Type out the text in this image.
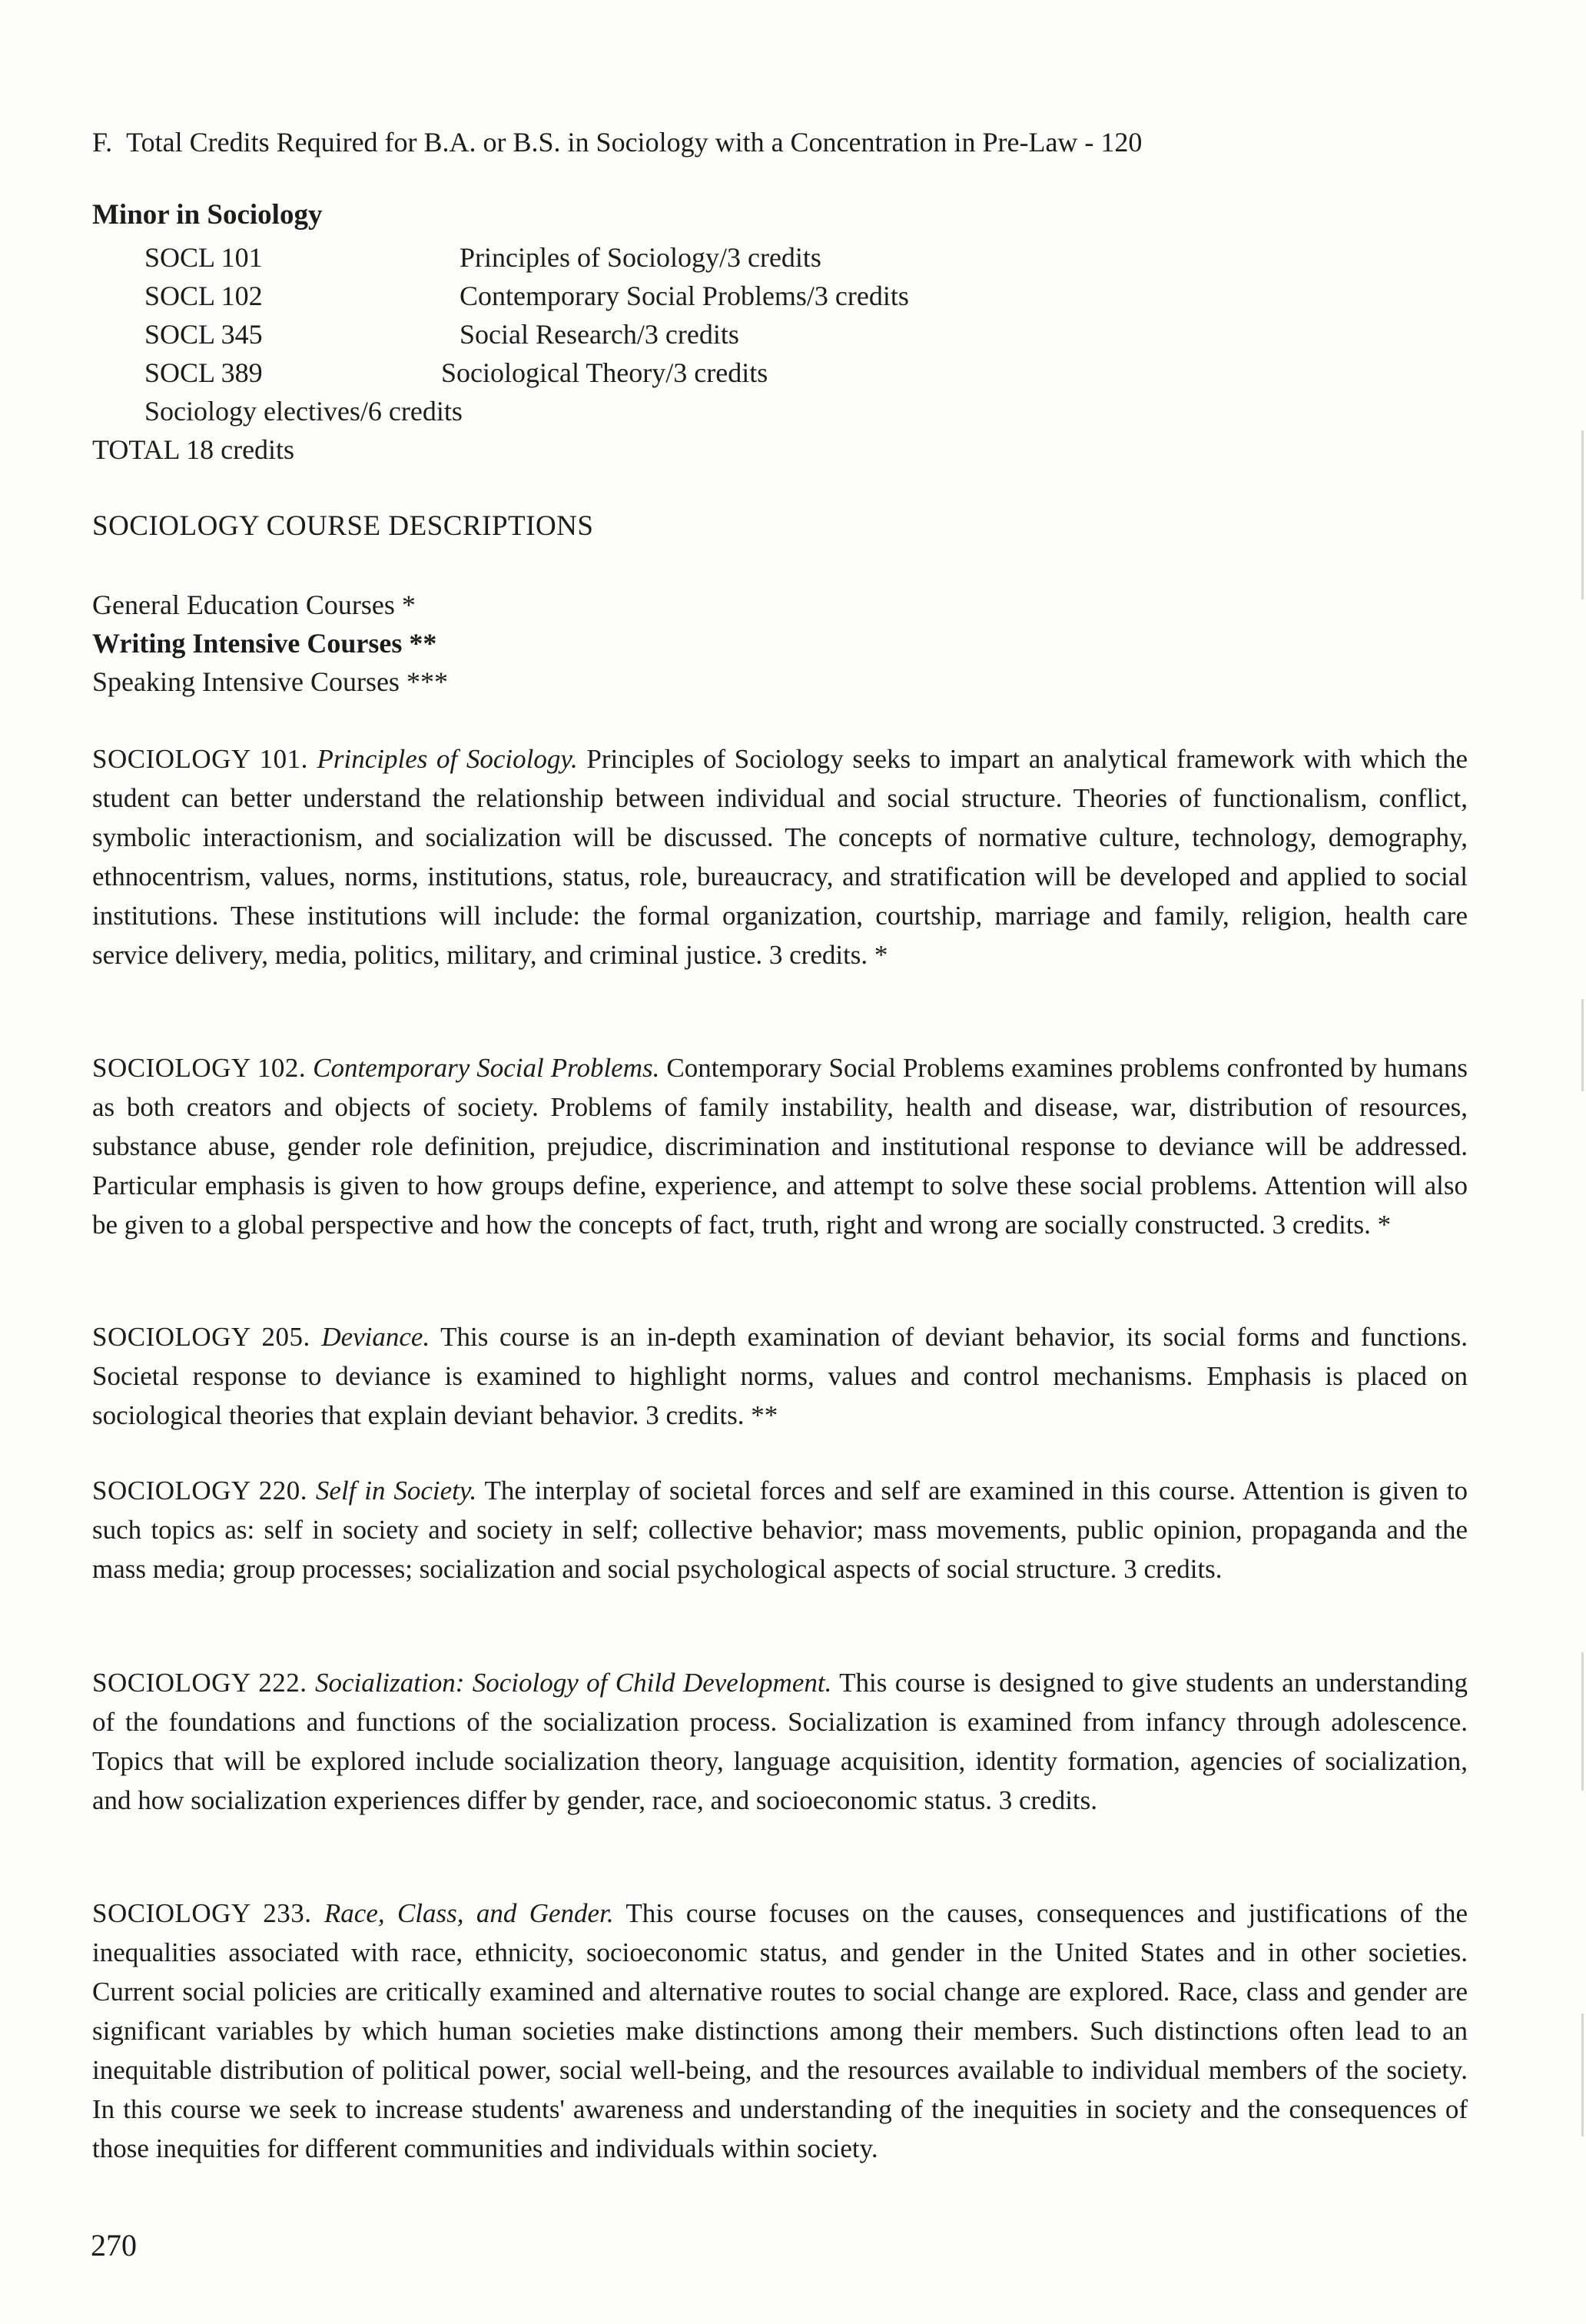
F. Total Credits Required for B.A. or B.S. in Sociology with a Concentration in Pre-Law - 120
Minor in Sociology
SOCL 101	Principles of Sociology/3 credits
SOCL 102	Contemporary Social Problems/3 credits
SOCL 345	Social Research/3 credits
SOCL 389	Sociological Theory/3 credits
Sociology electives/6 credits
TOTAL 18 credits
SOCIOLOGY COURSE DESCRIPTIONS
General Education Courses *
Writing Intensive Courses **
Speaking Intensive Courses ***
SOCIOLOGY 101. Principles of Sociology. Principles of Sociology seeks to impart an analytical framework with which the student can better understand the relationship between individual and social structure. Theories of functionalism, conflict, symbolic interactionism, and socialization will be discussed. The concepts of normative culture, technology, demography, ethnocentrism, values, norms, institutions, status, role, bureaucracy, and stratification will be developed and applied to social institutions. These institutions will include: the formal organization, courtship, marriage and family, religion, health care service delivery, media, politics, military, and criminal justice. 3 credits. *
SOCIOLOGY 102. Contemporary Social Problems. Contemporary Social Problems examines problems confronted by humans as both creators and objects of society. Problems of family instability, health and disease, war, distribution of resources, substance abuse, gender role definition, prejudice, discrimination and institutional response to deviance will be addressed. Particular emphasis is given to how groups define, experience, and attempt to solve these social problems. Attention will also be given to a global perspective and how the concepts of fact, truth, right and wrong are socially constructed. 3 credits. *
SOCIOLOGY 205. Deviance. This course is an in-depth examination of deviant behavior, its social forms and functions. Societal response to deviance is examined to highlight norms, values and control mechanisms. Emphasis is placed on sociological theories that explain deviant behavior. 3 credits. **
SOCIOLOGY 220. Self in Society. The interplay of societal forces and self are examined in this course. Attention is given to such topics as: self in society and society in self; collective behavior; mass movements, public opinion, propaganda and the mass media; group processes; socialization and social psychological aspects of social structure. 3 credits.
SOCIOLOGY 222. Socialization: Sociology of Child Development. This course is designed to give students an understanding of the foundations and functions of the socialization process. Socialization is examined from infancy through adolescence. Topics that will be explored include socialization theory, language acquisition, identity formation, agencies of socialization, and how socialization experiences differ by gender, race, and socioeconomic status. 3 credits.
SOCIOLOGY 233. Race, Class, and Gender. This course focuses on the causes, consequences and justifications of the inequalities associated with race, ethnicity, socioeconomic status, and gender in the United States and in other societies. Current social policies are critically examined and alternative routes to social change are explored. Race, class and gender are significant variables by which human societies make distinctions among their members. Such distinctions often lead to an inequitable distribution of political power, social well-being, and the resources available to individual members of the society. In this course we seek to increase students' awareness and understanding of the inequities in society and the consequences of those inequities for different communities and individuals within society.
270
